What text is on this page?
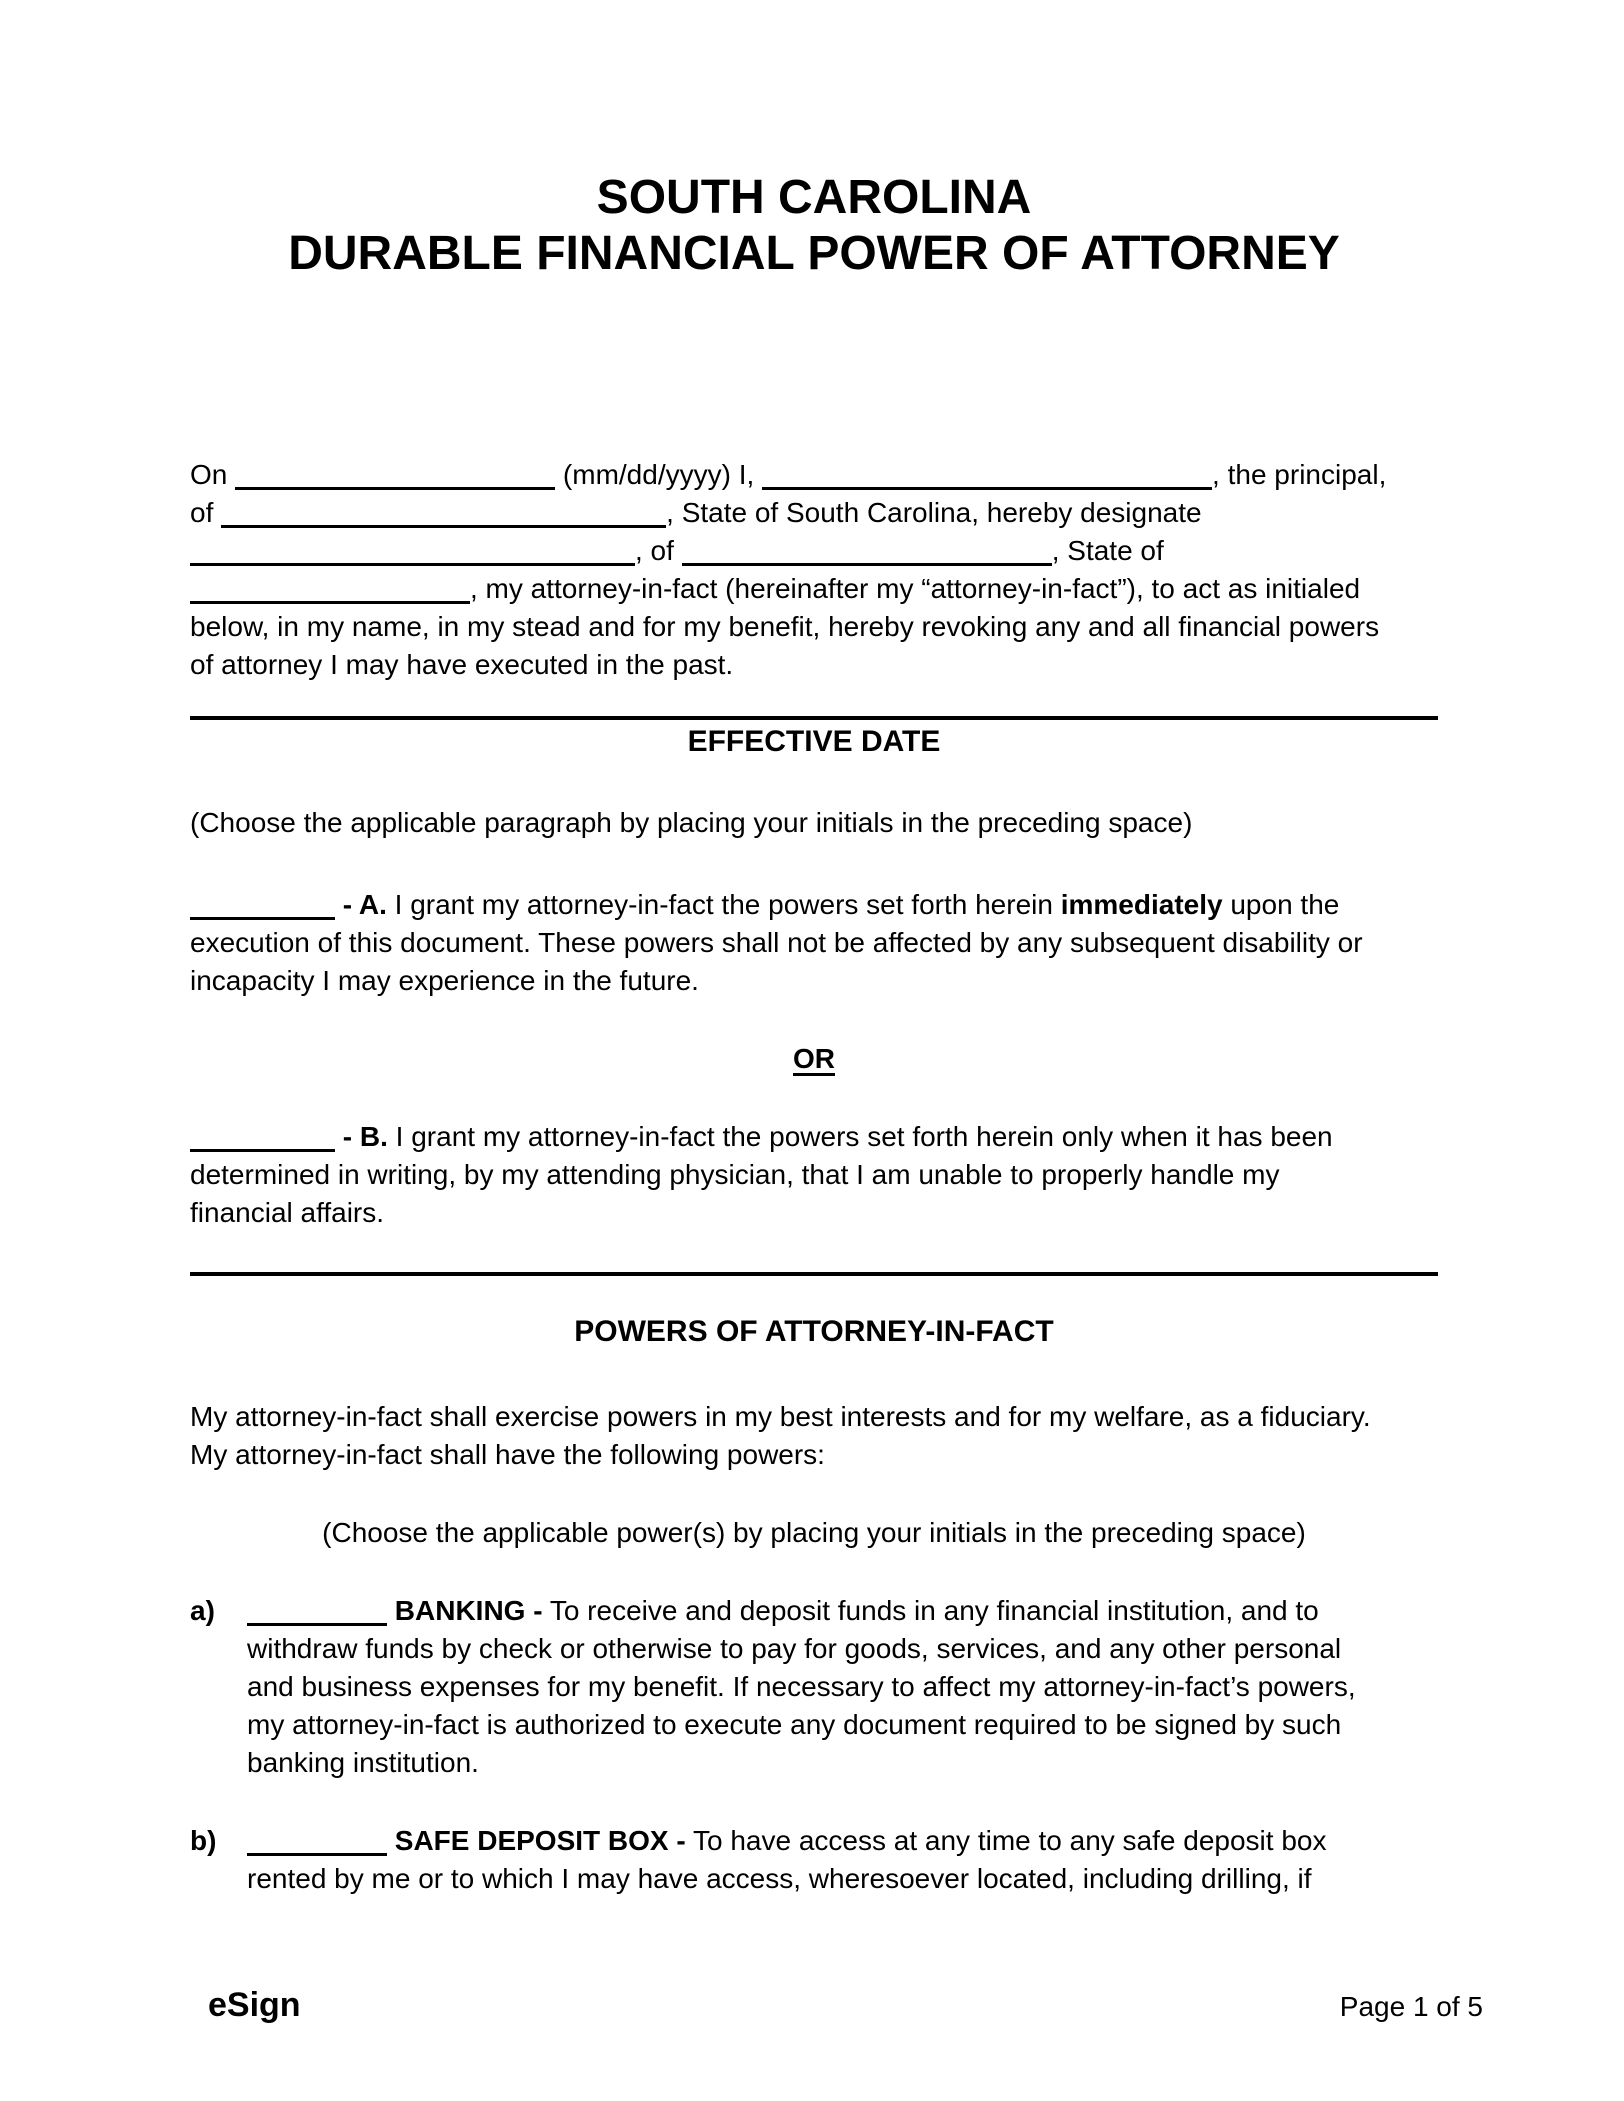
SOUTH CAROLINA
DURABLE FINANCIAL POWER OF ATTORNEY
On	(mm/dd/yyyy) I,	, the principal,
of	, State of South Carolina, hereby designate
, of	, State of
, my attorney-in-fact (hereinafter my “attorney-in-fact”), to act as initialed
below, in my name, in my stead and for my benefit, hereby revoking any and all financial powers
of attorney I may have executed in the past.
EFFECTIVE DATE
(Choose the applicable paragraph by placing your initials in the preceding space)
- A. I grant my attorney-in-fact the powers set forth herein immediately upon the
execution of this document. These powers shall not be affected by any subsequent disability or
incapacity I may experience in the future.
OR
- B. I grant my attorney-in-fact the powers set forth herein only when it has been
determined in writing, by my attending physician, that I am unable to properly handle my
financial affairs.
POWERS OF ATTORNEY-IN-FACT
My attorney-in-fact shall exercise powers in my best interests and for my welfare, as a fiduciary.
My attorney-in-fact shall have the following powers:
(Choose the applicable power(s) by placing your initials in the preceding space)
a)	BANKING - To receive and deposit funds in any financial institution, and to
withdraw funds by check or otherwise to pay for goods, services, and any other personal
and business expenses for my benefit. If necessary to affect my attorney-in-fact’s powers,
my attorney-in-fact is authorized to execute any document required to be signed by such
banking institution.
b)	SAFE DEPOSIT BOX - To have access at any time to any safe deposit box
rented by me or to which I may have access, wheresoever located, including drilling, if
eSign	Page 1 of 5
